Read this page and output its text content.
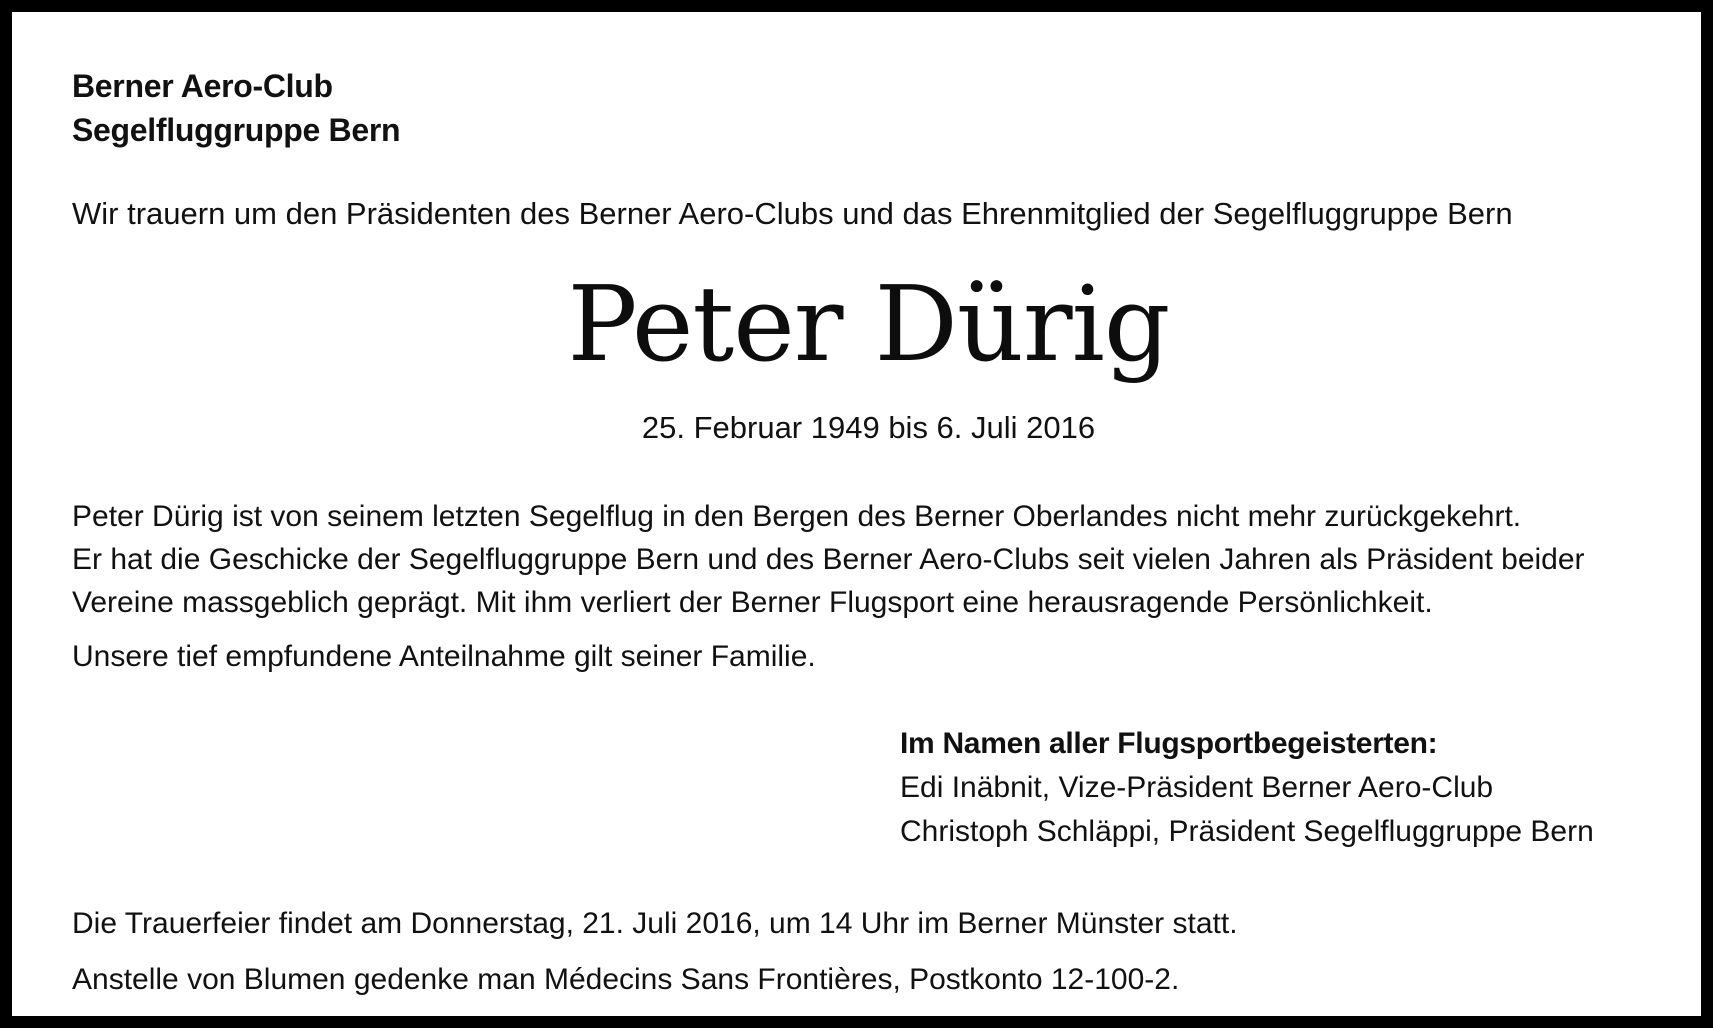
Berner Aero-Club
Segelfluggruppe Bern
Wir trauern um den Präsidenten des Berner Aero-Clubs und das Ehrenmitglied der Segelfluggruppe Bern
Peter Dürig
25. Februar 1949 bis 6. Juli 2016
Peter Dürig ist von seinem letzten Segelflug in den Bergen des Berner Oberlandes nicht mehr zurückgekehrt.
Er hat die Geschicke der Segelfluggruppe Bern und des Berner Aero-Clubs seit vielen Jahren als Präsident beider
Vereine massgeblich geprägt. Mit ihm verliert der Berner Flugsport eine herausragende Persönlichkeit.
Unsere tief empfundene Anteilnahme gilt seiner Familie.
Im Namen aller Flugsportbegeisterten:
Edi Inäbnit, Vize-Präsident Berner Aero-Club
Christoph Schläppi, Präsident Segelfluggruppe Bern
Die Trauerfeier findet am Donnerstag, 21. Juli 2016, um 14 Uhr im Berner Münster statt.
Anstelle von Blumen gedenke man Médecins Sans Frontières, Postkonto 12-100-2.
